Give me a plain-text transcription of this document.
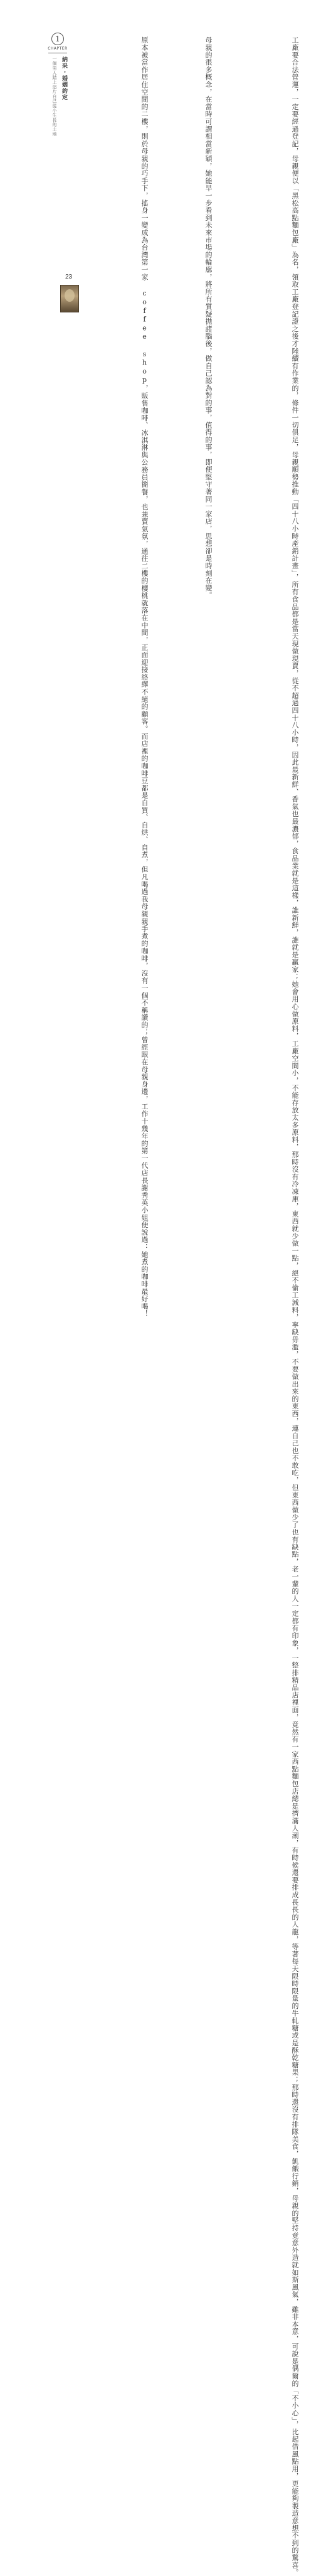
1
CHAPTER
納采・婚姻約定
一個男人踏上這片自己從小生長的土地	工廠要合法營運，一定要經過登記，母親便以「黑松高點麵包廠」為名，領取工廠登記證之後才陸續有作業的，條件一切俱足，母親順勢推動「四十八小時產銷計畫」，所有食品都是當天現做現賣，從不超過四十八小時，因此最新鮮、香氣也最濃郁，食品業就是這樣，誰新鮮，誰就是贏家；她會用心做原料，工廠空間小，不能存放太多原料，那時沒有冷凍庫，東西就少做一點，絕不偷工減料，寧缺毋濫，不要做出來的東西，連自己也不敢吃，但東西做少了也有缺點，老一輩的人一定都有印象，一整排精品店裡面，竟然有一家西點麵包店總是擠滿人潮，有時候還要排成長長的人龍，等著每天限時限量的牛軋糖或是酥乾糖果；那時還沒有排隊美食，飢餓行銷，母親的堅持竟意外造就如斯風氣，雖非本意，可說是偶爾的「不小心」，比起借風點用，更能夠製造意想不到的驚喜。
母親的很多概念，在當時可謂相當新穎，她能早一步看到未來市場的輪廓，將所有質疑拋諸腦後，做自己認為對的事，值得的事，即便堅守著同一家店，思想卻是時刻在變。
原本被當作居住空間的二樓，則於母親的巧手下，搖身一變成為台灣第一家 coffee shop，販售咖啡、冰淇淋與公務員簡餐，也兼賣氣氛，通往二樓的櫻桃就落在中間，正面迎接絡繹不絕的顧客。而店裡的咖啡豆都是自買、自烘、自煮，但凡喝過我母親親手煮的咖啡，沒有一個不稱讚的；曾經跟在母親身邊，工作十幾年的第一代店長謝秀英小姐便說過：她煮的咖啡最好喝！
23
